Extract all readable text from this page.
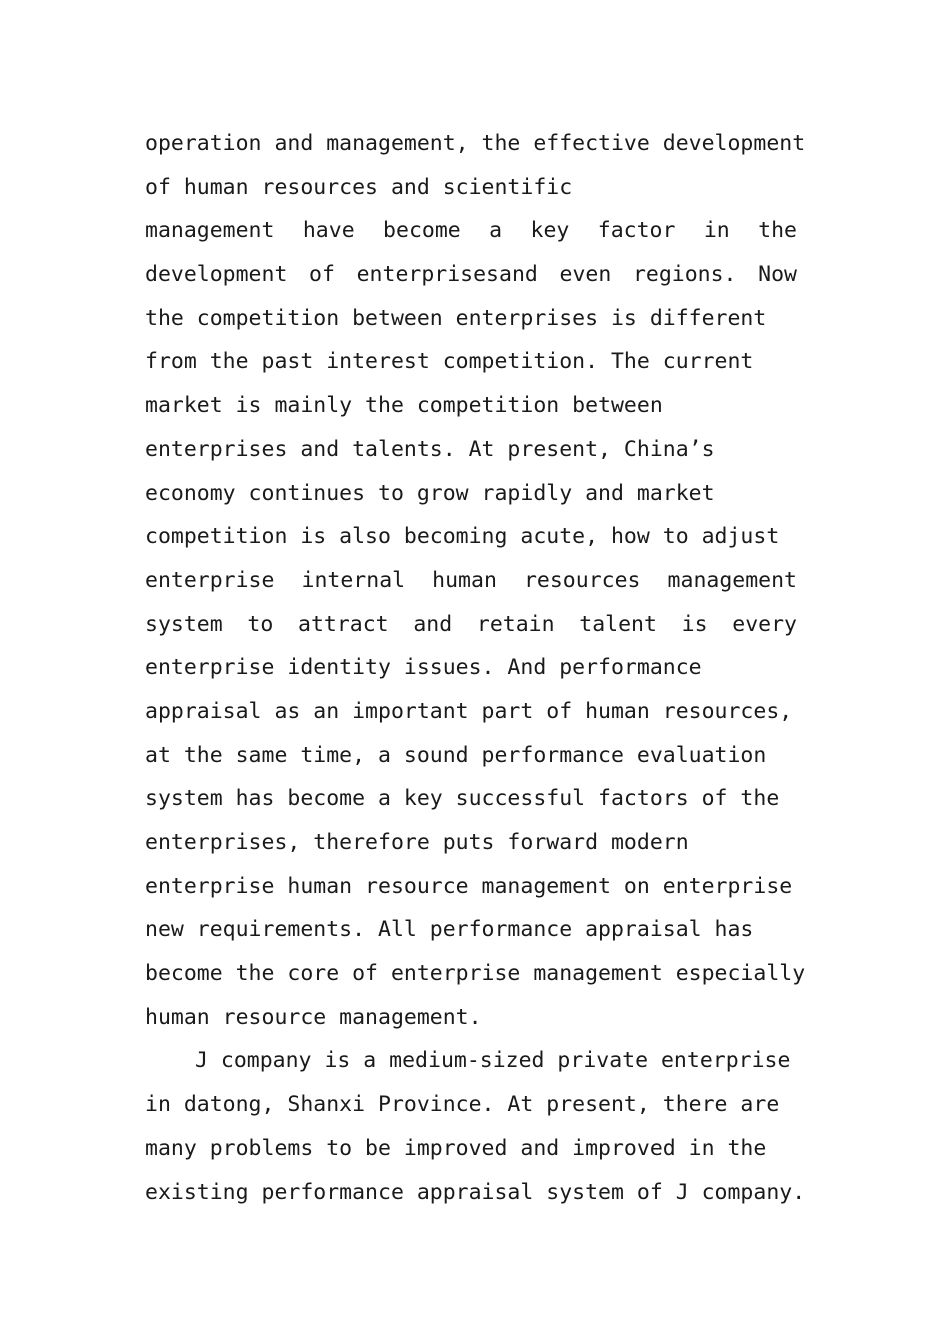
operation and management, the effective development
of human resources and scientific
management have become a key factor in the
development of enterprisesand even regions. Now
the competition between enterprises is different
from the past interest competition. The current
market is mainly the competition between
enterprises and talents. At present, China’s
economy continues to grow rapidly and market
competition is also becoming acute, how to adjust
enterprise internal human resources management
system to attract and retain talent is every
enterprise identity issues. And performance
appraisal as an important part of human resources,
at the same time, a sound performance evaluation
system has become a key successful factors of the
enterprises, therefore puts forward modern
enterprise human resource management on enterprise
new requirements. All performance appraisal has
become the core of enterprise management especially
human resource management.
J company is a medium-sized private enterprise
in datong, Shanxi Province. At present, there are
many problems to be improved and improved in the
existing performance appraisal system of J company.
